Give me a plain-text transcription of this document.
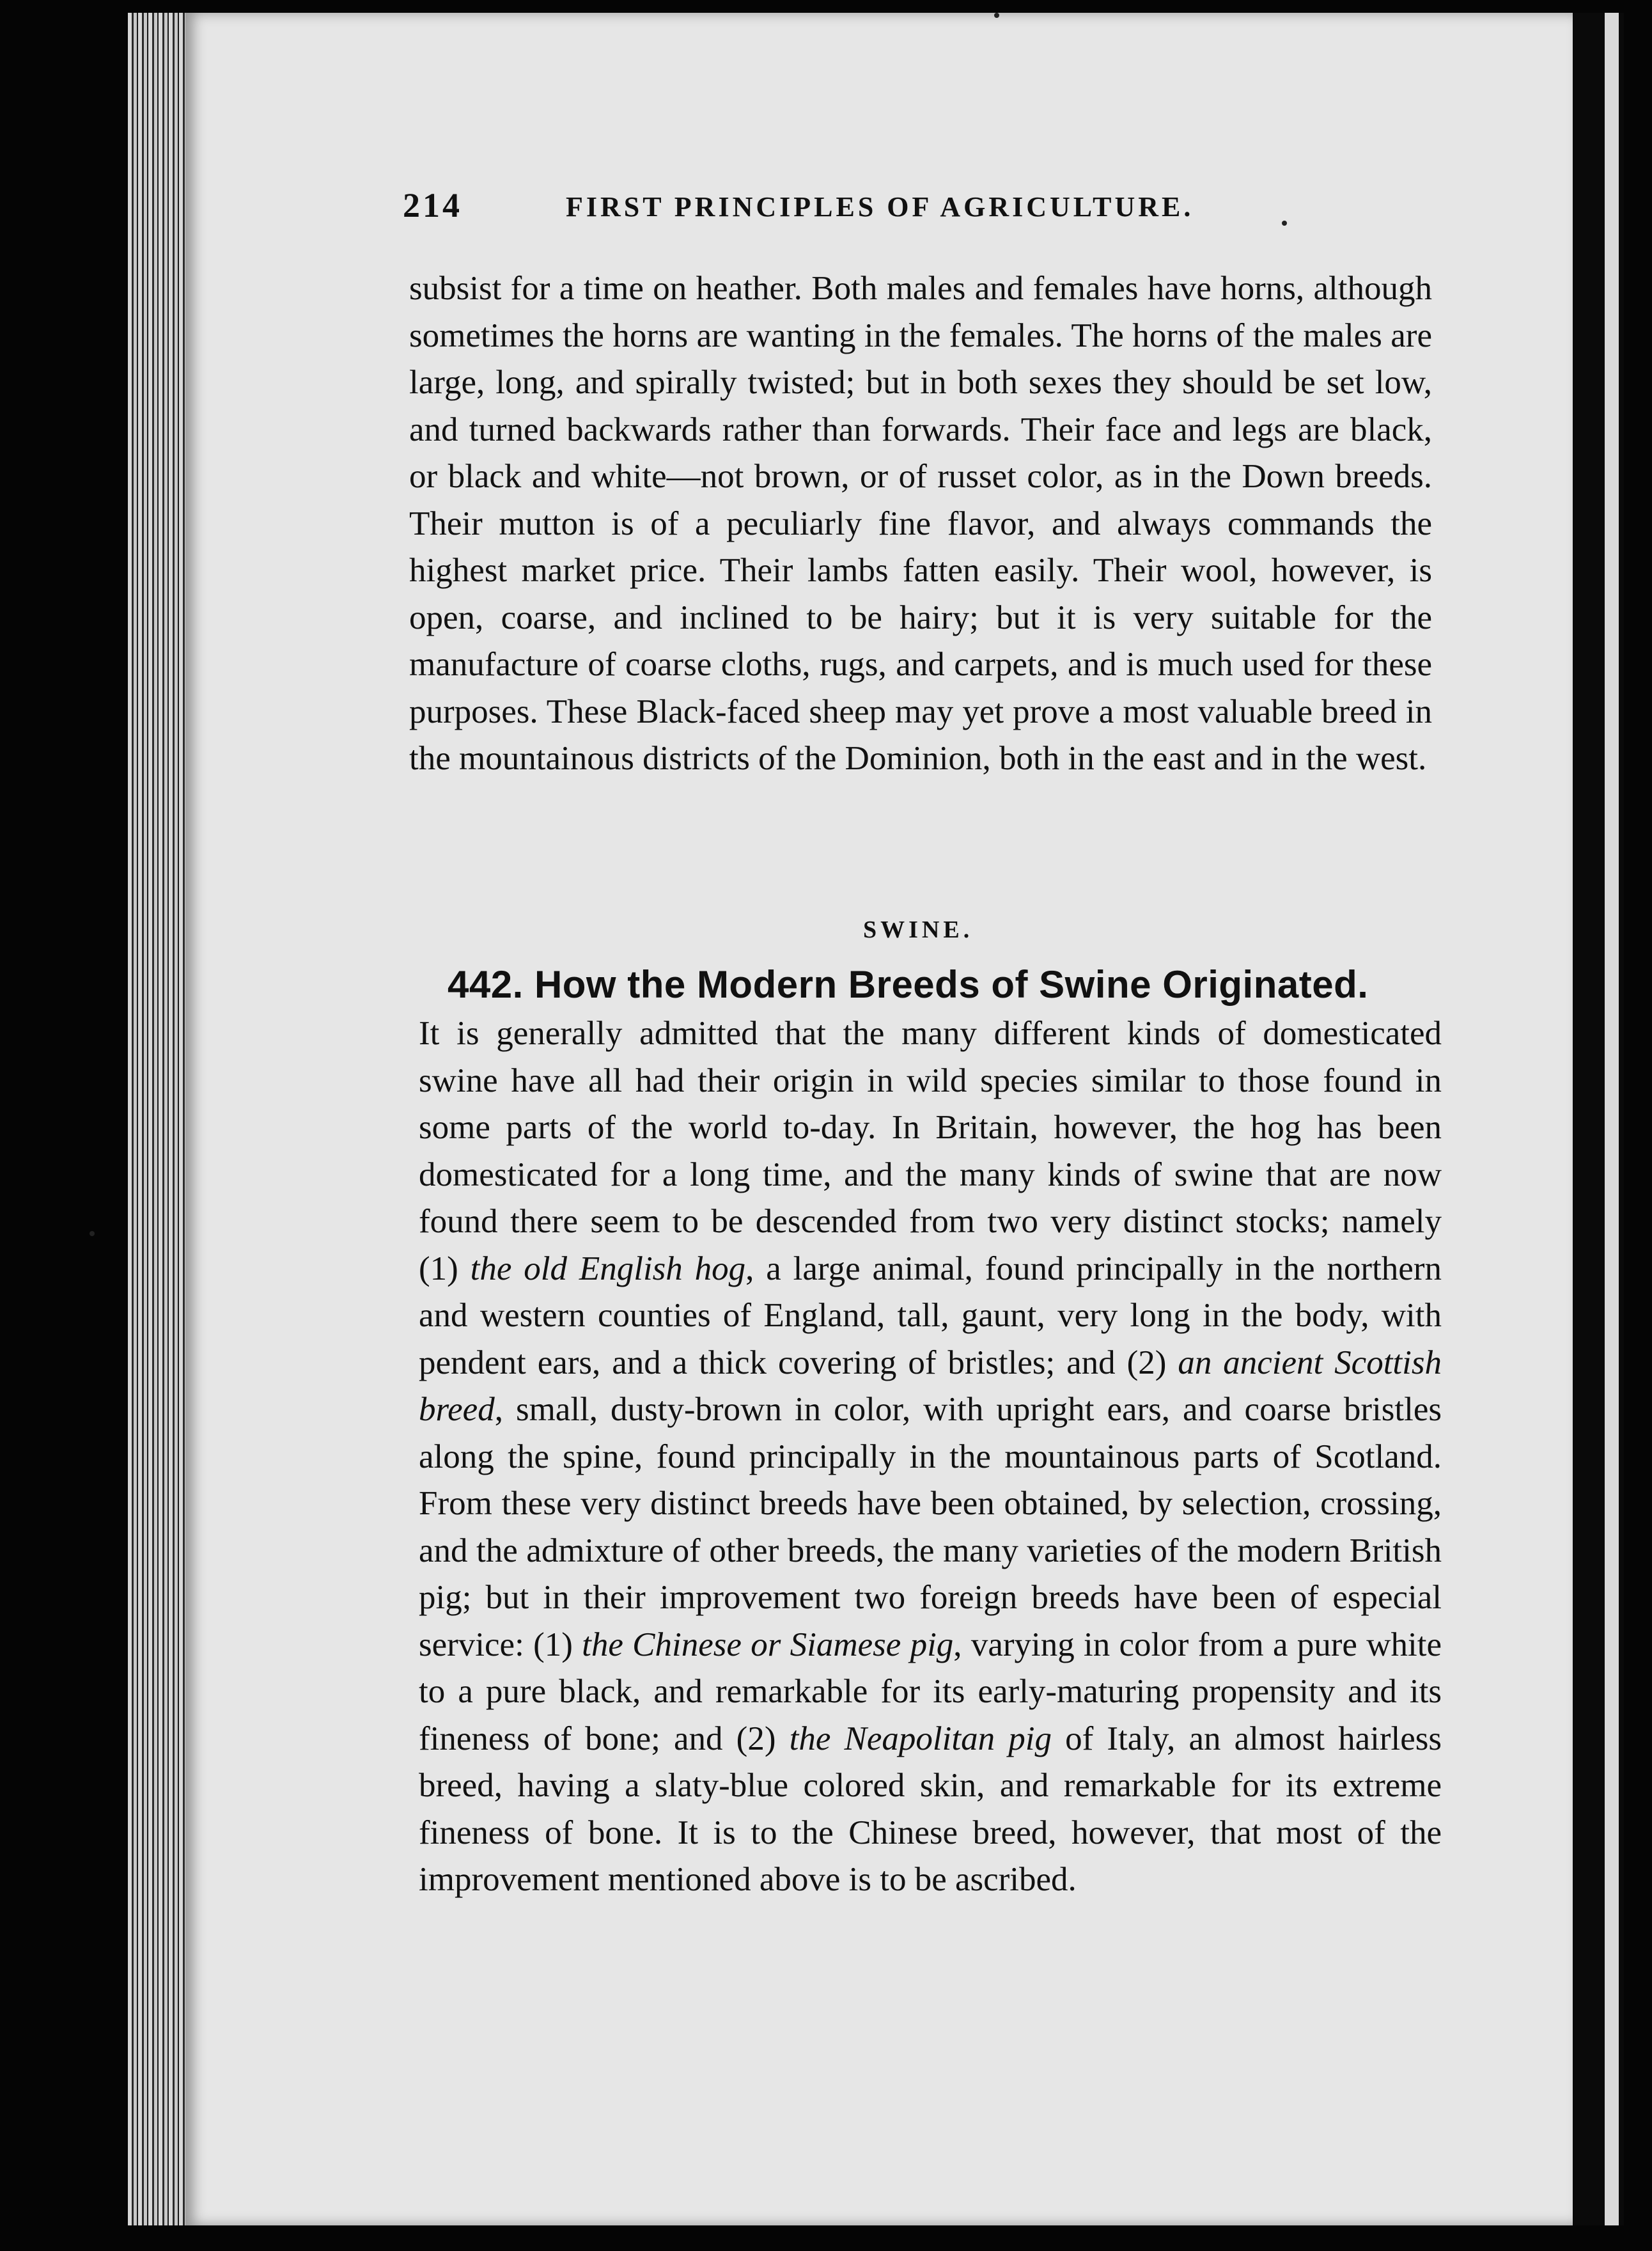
214	FIRST PRINCIPLES OF AGRICULTURE.
subsist for a time on heather. Both males and females have horns, although sometimes the horns are wanting in the females. The horns of the males are large, long, and spirally twisted; but in both sexes they should be set low, and turned backwards rather than forwards. Their face and legs are black, or black and white—not brown, or of russet color, as in the Down breeds. Their mutton is of a peculiarly fine flavor, and always commands the highest market price. Their lambs fatten easily. Their wool, however, is open, coarse, and inclined to be hairy; but it is very suitable for the manufacture of coarse cloths, rugs, and carpets, and is much used for these purposes. These Black-faced sheep may yet prove a most valuable breed in the mountainous districts of the Dominion, both in the east and in the west.
SWINE.
442. How the Modern Breeds of Swine Originated.
It is generally admitted that the many different kinds of domesticated swine have all had their origin in wild species similar to those found in some parts of the world to-day. In Britain, however, the hog has been domesticated for a long time, and the many kinds of swine that are now found there seem to be descended from two very distinct stocks; namely (1) the old English hog, a large animal, found principally in the northern and western counties of England, tall, gaunt, very long in the body, with pendent ears, and a thick covering of bristles; and (2) an ancient Scottish breed, small, dusty-brown in color, with upright ears, and coarse bristles along the spine, found principally in the mountainous parts of Scotland. From these very distinct breeds have been obtained, by selection, crossing, and the admixture of other breeds, the many varieties of the modern British pig; but in their improvement two foreign breeds have been of especial service: (1) the Chinese or Siamese pig, varying in color from a pure white to a pure black, and remarkable for its early-maturing propensity and its fineness of bone; and (2) the Neapolitan pig of Italy, an almost hairless breed, having a slaty-blue colored skin, and remarkable for its extreme fineness of bone. It is to the Chinese breed, however, that most of the improvement mentioned above is to be ascribed.
